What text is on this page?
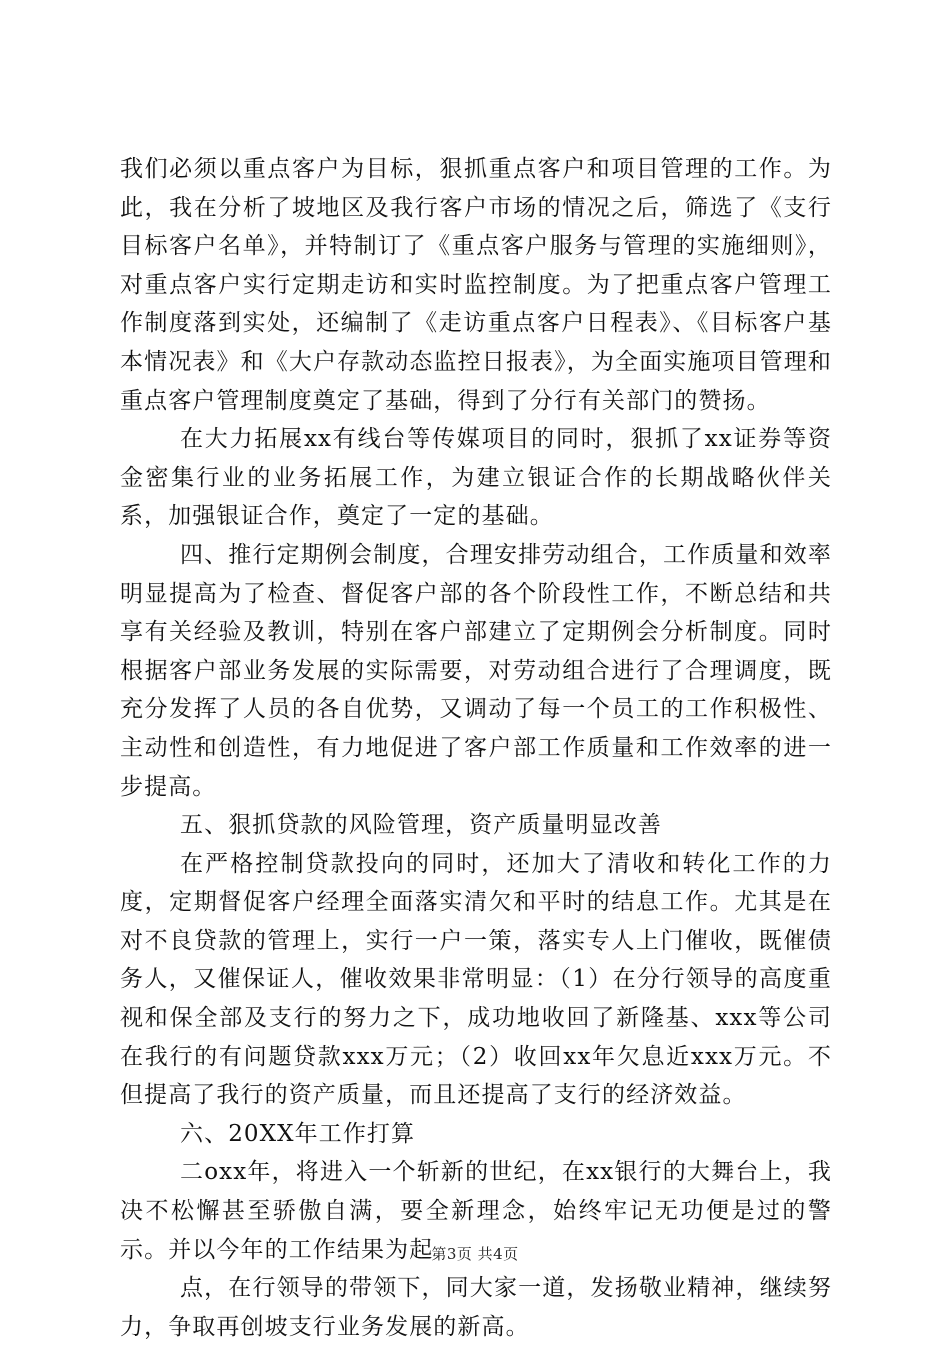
我们必须以重点客户为目标，狠抓重点客户和项目管理的工作。为此，我在分析了坡地区及我行客户市场的情况之后，筛选了《支行目标客户名单》，并特制订了《重点客户服务与管理的实施细则》，对重点客户实行定期走访和实时监控制度。为了把重点客户管理工作制度落到实处，还编制了《走访重点客户日程表》、《目标客户基本情况表》和《大户存款动态监控日报表》，为全面实施项目管理和重点客户管理制度奠定了基础，得到了分行有关部门的赞扬。

在大力拓展xx有线台等传媒项目的同时，狠抓了xx证券等资金密集行业的业务拓展工作，为建立银证合作的长期战略伙伴关系，加强银证合作，奠定了一定的基础。

四、推行定期例会制度，合理安排劳动组合，工作质量和效率明显提高为了检查、督促客户部的各个阶段性工作，不断总结和共享有关经验及教训，特别在客户部建立了定期例会分析制度。同时根据客户部业务发展的实际需要，对劳动组合进行了合理调度，既充分发挥了人员的各自优势，又调动了每一个员工的工作积极性、主动性和创造性，有力地促进了客户部工作质量和工作效率的进一步提高。

五、狠抓贷款的风险管理，资产质量明显改善

在严格控制贷款投向的同时，还加大了清收和转化工作的力度，定期督促客户经理全面落实清欠和平时的结息工作。尤其是在对不良贷款的管理上，实行一户一策，落实专人上门催收，既催债务人，又催保证人，催收效果非常明显：（1）在分行领导的高度重视和保全部及支行的努力之下，成功地收回了新隆基、xxx等公司在我行的有问题贷款xxx万元；（2）收回xx年欠息近xxx万元。不但提高了我行的资产质量，而且还提高了支行的经济效益。

六、20XX年工作打算

二oxx年，将进入一个斩新的世纪，在xx银行的大舞台上，我决不松懈甚至骄傲自满，要全新理念，始终牢记无功便是过的警示。并以今年的工作结果为起

点，在行领导的带领下，同大家一道，发扬敬业精神，继续努力，争取再创坡支行业务发展的新高。

第3页 共4页
